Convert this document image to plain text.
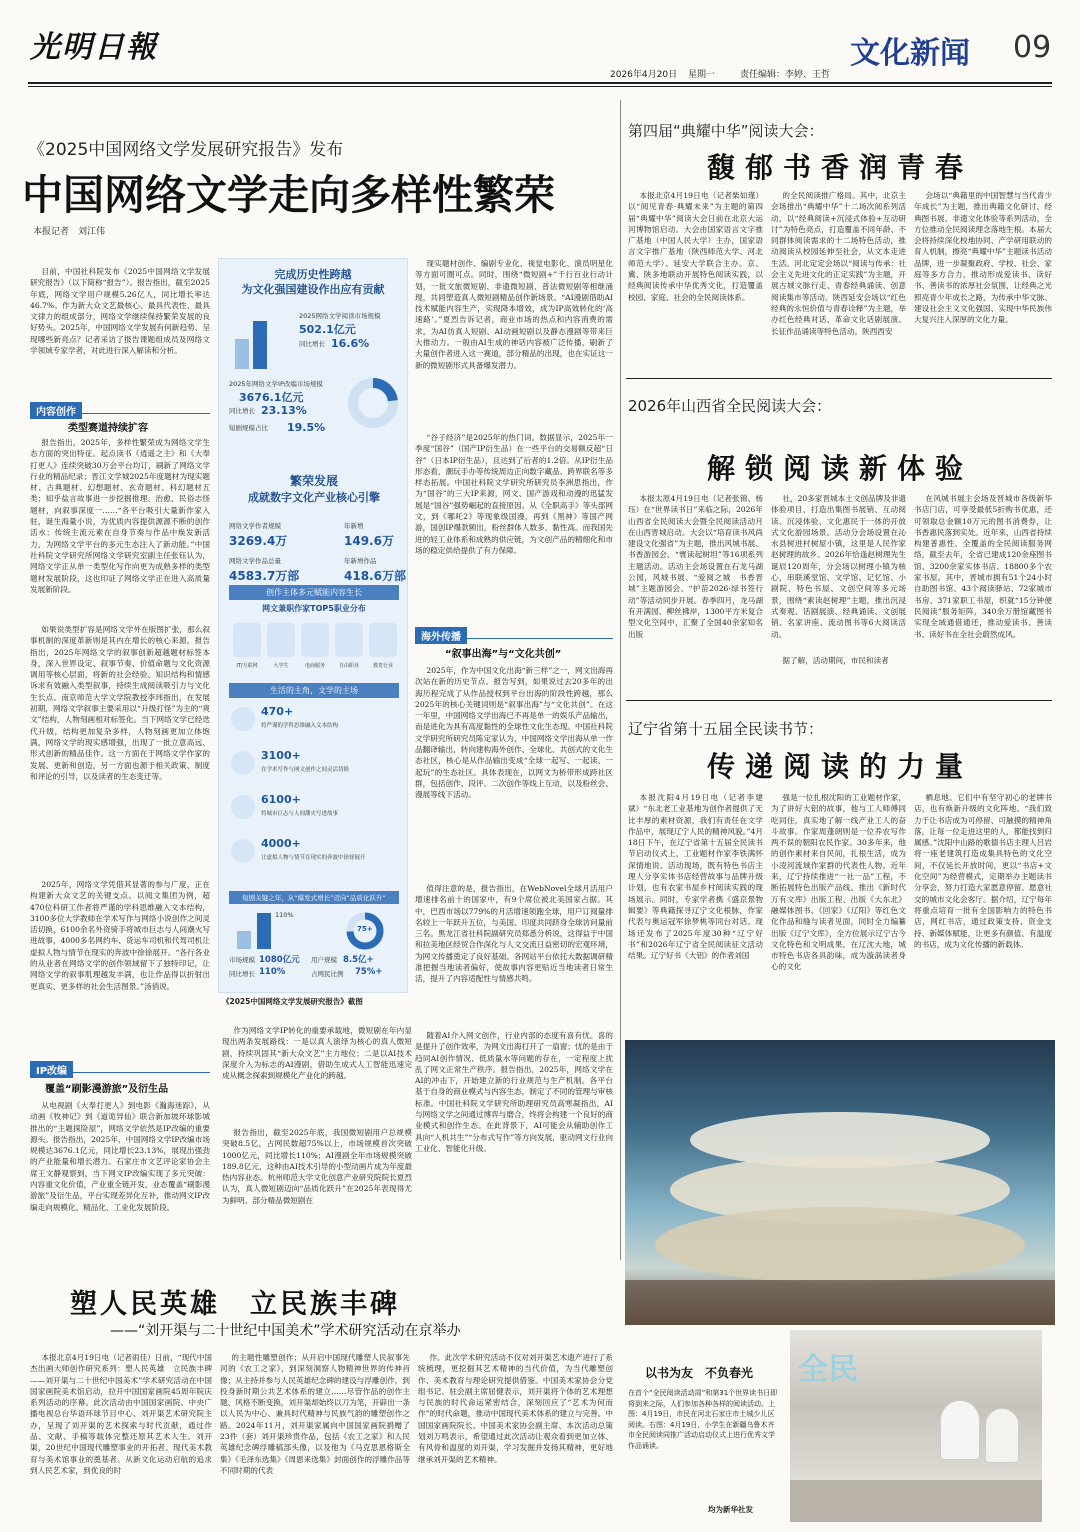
光明日報
2026年4月20日 星期一	责任编辑：李婷、王哲
文化新闻 09
《2025中国网络文学发展研究报告》发布
中国网络文学走向多样性繁荣
本报记者　刘江伟

目前，中国社科院发布《2025中国网络文学发展研究报告》（以下简称“报告”）。报告指出，截至2025年底，网络文学用户规模5.26亿人，同比增长率达46.7%。作为新大众文艺最核心、最具代表性、最具文律力的组成部分，网络文学继续保持繁荣发展的良好势头。2025年，中国网络文学发展有何新趋势、呈现哪些新亮点？记者采访了报告课题组成员及网络文学领域专家学者，对此进行深入解读和分析。

内容创作
类型赛道持续扩容

报告指出，2025年，多样性繁荣成为网络文学生态方面的突出特征。起点读书《逍遥之主》和《大奉打更人》连续突破30万会平台均订，刷新了网络文学行业的精品纪录；晋江文学城2025年度题材为现实题材、古典题材、幻想题材、玄奇题材、科幻题材五类；知乎盐言故事进一步挖掘推理、治愈、民俗志怪题材，向叙事深度一……“各平台吸引大量新作家入驻，诞生海量小说，为优质内容提供源源不断的创作活水；传统主流元素在自身节奏与作品中焕发新活力，为网络文学平台的多元生态注入了新动能。”中国社科院文学研究所网络文学研究室副主任张钰认为，网络文学正从单一类型化写作向更为成熟多样的类型题材发展阶段，这也印证了网络文学正在进入高质量发展新阶段。

如果说类型扩容是网络文学外在版图扩张，那么叙事机制的深度革新则是其内在增长的核心来源。报告指出，2025年网络文学的叙事创新超越题材标签本身，深入世界设定、叙事节奏、价值命题与文化资源调用等核心层面，将新的社会经验、知识结构和情感诉求有效融入类型叙事，持续生成阅读吸引力与文化生长点。南京师范大学文学院教授李玮指出，在发展初期，网络文学叙事主要采用以“升级打怪”为主的“爽文”结构，人物刻画相对标签化。当下网络文学已经迭代升级，结构更加复杂多样，人物刻画更加立体饱满，网络文学的现实感增强，出现了一批立意高远、形式创新的精品佳作。这一方面在于网络文学作家的发展、更新和创造，另一方面也源于相关政策、制度和评论的引导，以及读者的生态变迁等。

2025年，网络文学凭借其显著的参与广度，正在构建新大众文艺的关键支点。以阅文集团为例，超470位科研工作者将严谨的学科思维融入文本结构，3100多位大学教师在学术写作与网络小说创作之间灵活切换，6100余名外资骑手将城市巨志与人间潮火写进故事，4000多名网约车、货运车司机和代驾司机让虚拟人物与情节在现实的奔波中徐徐展开。“各行各业的从业者在网络文学的创作领域留下了独特印记，让网络文学的叙事肌理越发丰满，也让作品得以折射出更真实、更多样的社会生活图景。”汤俏说。

IP改编
覆盖“刷影漫游旅”及衍生品

从电视剧《大奉打更人》到电影《瀚海迷踪》，从动画《牧神记》到《道诡异仙》联合新加坡环球影城推出的“主题探险屋”，网络文学依然是IP改编的重要源头。报告指出，2025年，中国网络文学IP改编市场规模达3676.1亿元，同比增长23.13%，展现出强劲的产业能量和增长潜力。石家庄市文艺评论家协会主席王文静观察到，当下网文IP改编实现了多元突破：内容重文化价值，产业重全链开发，业态覆盖“刷影漫游旅”及衍生品，平台实现差异化互补，推动网文IP改编走向规模化、精品化、工业化发展阶段。

完成历史性跨越
为文化强国建设作出应有贡献
2025网络文学阅读市场规模
502.1亿元
同比增长 16.6%
2025年网络文学IP改编市场规模
3676.1亿元
同比增长 23.13%
短剧规模占比 19.5%
繁荣发展
成就数字文化产业核心引擎
网络文学作者规模
3269.4万
年新增
149.6万
网络文学作品总量
4583.7万部
年新增作品
418.6万部
创作主体多元赋能内容生长
网文兼职作家TOP5职业分布
IT/互联网	大学生	电商服务	自由职业	教育行业
生活的主角，文学的主场
470+
将严谨的学科思维融入文本结构
3100+
在学术写作与网文创作之间灵活切换
6100+
将城市巨志与人间潮火写进故事
4000+
让虚拟人物与情节在现实的奔波中徐徐展开
短剧关键之年，从“爆发式增长”迈向“品质化跃升”
110%
市场规模 1080亿元
同比增长 110%
75+
用户规模 8.5亿+
占网民比例 75%+
《2025中国网络文学发展研究报告》截图

现实题材创作、编剧专业化、视觉电影化、演员明星化等方面可圈可点。同时，围绕“微短剧+”千行百业行动计划，一批文旅微短剧、非遗微短剧、普法微短剧等相继涌现，共同塑造真人微短剧精品创作新场景。“AI漫剧借助AI技术赋能内容生产，实现降本增效，成为IP高效转化的‘高速路’。”夏烈告诉记者，商业市场的热点和内容消费的需求，为AI仿真人短剧、AI动画短剧以及静态漫剧等带来巨大推动力。一般由AI生成的神话内容被广泛传播，刷新了大量创作者进入这一赛道，部分精品的出现，也在实证这一新的微短剧形式具备爆发潜力。

“谷子经济”是2025年的热门词。数据显示，2025年一季度“国谷”（国产IP衍生品）在一些平台的交易额反超“日谷”（日本IP衍生品），且达到了后者的1.2倍。从IP衍生品形态看，潮玩手办等传统周边正向数字藏品、跨界联名等多样态拓展。中国社科院文学研究所研究员李洲思指出，作为“国谷”的三大IP来源，网文、国产游戏和动漫的迅猛发展是“国谷”强势崛起的直接原因。从《全职高手》等头部网文，到《哪吒2》等现象级国漫，再到《黑神》等国产网游，国创IP爆款频出，粉丝群体人数多、黏性高。而我国先进的轻工业体系和成熟的供应链，为文创产品的精细化和市场的稳定供给提供了有力保障。

海外传播
“叙事出海”与“文化共创”

2025年，作为中国文化出海“新三样”之一，网文出海再次站在新的历史节点。报告写到，如果说过去20多年的出海历程完成了从作品授权到平台出海的阶段性跨越，那么2025年的核心关键词则是“叙事出海”与“文化共创”。在这一年里，中国网络文学出海已不再是单一的娱乐产品输出，而是进化为具有高度黏性的全球性文化生态现。中国社科院文学研究所研究员陈定家认为，中国网络文学出海从单一作品翻译输出，转向建构海外创作、全球化、共创式的文化生态社区，核心是从作品输出变成“全球一起写、一起读、一起玩”的生态社区。具体表现在，以网文为桥带形成跨社区群，包括创作、段评、二次创作等线上互动，以及粉丝会、漫展等线下活动。

值得注意的是，报告指出，在WebNovel全球月活用户增速排名前十的国家中，有9个席位被北美国家占据。其中，巴西市场以779%的月活增速领跑全球，用户订阅量排名较上一年跃升五位，与美国、印度共同跻身全球访问量前三名。黑龙江省社科院副研究员郑悉分析说，这得益于中国和拉美地区经贸合作深化与人文交流日益密切的宏观环境，为网文传播奠定了良好基础。各网站平台依托大数据调研精准把握当地读者偏好，使故事内容更贴近当地读者日常生活，提升了内容适配性与情感共鸣。

作为网络文学IP转化的重要承载地，微短剧在年内显现出两条发展路线：一是以真人演绎为核心的真人微短剧，持续巩固其“新大众文艺”主力地位；二是以AI技术深度介入为标志的AI漫剧，借助生成式人工智能迅速完成从概念探索到规模化产业化的跨越。

报告指出，截至2025年底，我国微短剧用户总规模突破8.5亿，占网民数超75%以上，市场规模首次突破1000亿元，同比增长110%；AI漫剧全年市场规模突破189.8亿元，这种由AI技术引导的小型动画片成为年度最热内容业态。杭州师范大学文化创意产业研究院院长夏烈认为，真人微短剧迈向“品质化跃升”在2025年表现得尤为鲜明。部分精品微短剧在

随着AI介入网文创作，行业内部的态度有喜有忧。喜的是提升了创作效率，为网文出海打开了一扇窗；忧的是由于趋同AI创作情况、低质量水等问题的存在，一定程度上扰乱了网文正常生产秩序。报告指出，2025年，网络文学在AI的冲击下，开始建立新的行业规范与生产机制。各平台基于自身的商业模式与内容生态，制定了不同的管理与审核标准。中国社科院文学研究所助理研究员高寒凝指出，AI与网络文学之间通过博弈与磨合，终将会构建一个良好的商业模式和创作生态。在此背景下，AI可能会从辅助创作工具向“人机共生”“分布式写作”等方向发展，驱动网文行业向工业化、智能化升级。

第四届“典耀中华”阅读大会：
馥郁书香润青春

本报北京4月19日电（记者柴如瑾）以“阅见青春·典耀未来”为主题的第四届“典耀中华”阅读大会日前在北京大运河博物馆启动。大会由国家语言文字推广基地（中国人民大学）主办，国家语言文字推广基地（陕西师范大学、河北师范大学）、延安大学联合主办。京、冀、陕多地联动开展特色阅读实践，以经典阅读传承中华优秀文化，打造覆盖校园、家庭、社会的全民阅读体系。

的全民阅读推广格局。其中，北京主会场推出“典耀中华”十二场次阅系列活动，以“经典阅读+沉浸式体验+互动研讨”为特色亮点，打造覆盖不同年龄、不同群体阅读需求的十二场特色活动，推动阅读从校园延伸至社会，从文本走进生活。河北定定会场以“阅读与传承：社会主义先进文化的正定实践”为主题，开展古城文脉行走、青春经典诵读、创意阅读集市等活动。陕西延安会场以“红色经典的永恒价值与青春诠释”为主题，举办红色经典对话、革命文化话剧展演、长征作品诵读等特色活动。陕西西安

会场以“典籍里的中国智慧与当代青少年成长”为主题，推出典籍文化研讨、经典图书展、非遗文化体验等系列活动，全方位推动全民阅读理念落地生根。本届大会将持续深化校地协同、产学研用联动的育人机制，擦亮“典耀中华”主题读书活动品牌，进一步凝聚政府、学校、社会、家庭等多方合力，推动形成爱读书、读好书、善读书的浓厚社会氛围，让经典之光照亮青少年成长之路，为传承中华文脉、建设社会主义文化强国、实现中华民族伟大复兴注入深厚的文化力量。

2026年山西省全民阅读大会：
解锁阅读新体验

本报太原4月19日电（记者张锦、杨珏）在“世界读书日”来临之际，2026年山西省全民阅读大会暨全民阅读活动月在山西晋城启动。大会以“培育读书风尚　建设文化强省”为主题，推出风城书展、书香游园会、“寰读起树坦”等16项系列主题活动。活动主会场设置在石龙马湖公园，风城书展、“爱阅之城　书香晋城”主题游园会、“护苗2026·绿书签行动”等活动同步开展。春季四月，龙马湖有开满园、柳丝拂岸，1300平方米复合型文化空间中，汇聚了全国40余家知名出版

社，20多家晋城本土文创品牌及非遗体验项目，打造出集图书展销、互动阅读、沉浸体验、文化惠民于一体的开放式文化游园场景。活动分会场设置在沁水县树进村树屋小镇，这里是人民作家赵树理的故乡。2026年恰逢赵树理先生诞辰120周年，分会场以树理小镇为核心，串联溪堂馆、文学馆、记忆馆、小剧院、特色书屋、文创空间等多元场景，围绕“素读赵树理”主题，推出沉浸式奏观、话剧展演、经典诵读、文创展销、名家讲座、流动图书等6大阅读活动。

据了解，活动期间，市民和读者

在风城书展主会场及晋城市各级新华书店门店，可享受最低5折购书优惠，还可领取总金额10万元的图书消费券，让书香惠民落到实处。近年来，山西省持续构建普惠性、全覆盖的全民阅读服务网络，截至去年，全省已建成120余座图书馆、3200余家实体书店、18800多个农家书屋。其中，晋城市拥有51个24小时自助图书馆、43个阅读驿站、72家城市书房、371家职工书屋，织就“15分钟便民阅读”服务矩阵，340余万册馆藏图书实现全域通借通还，推动爱读书、善读书、读好书在全社会蔚然成风。

辽宁省第十五届全民读书节：
传递阅读的力量

本报沈阳4月19日电（记者李建斌）“东北老工业基地为创作者提供了无比丰厚的素材资源，我们有责任在文学作品中，展现辽宁人民的精神风貌。”4月18日下午，在辽宁省第十五届全民读书节启动仪式上，工业题材作家李铁满怀深情地说。活动现场，既有特色书店主理人分享实体书店经营故事与品牌升级计划，也有农家书屋乡村阅读实践的现场展示。同时，专家学者携《盛京景物辑要》等典籍探寻辽宁文化根脉，作家代表与奥运冠军徐梦桃等同台对话。现场还发布了2025年度30种“辽宁好书”和2026年辽宁省全民阅读征文活动结果。辽宁好书《大铝》的作者刘国

强是一位扎根沈阳的工业题材作家，为了讲好大铝的故事，他与工人师傅同吃同住，真实地了解一线产业工人的奋斗故事。作家周蓬朗则是一位养农写作两不误的朝阳农民作家。30多年来，他的创作素材来自民间，扎根生活，成为小凌河流域作家群的代表性人物。近年来，辽宁持续推进“一社一品”工程，不断拓展特色出版产品线。推出《新时代万有文库》出版工程、出版《大东北》融媒体图书、《回家》《辽阳》等红色文化作品和缝与读者见面，同时全力编纂出版《辽宁文库》，全方位展示辽宁古今文化特色和文明成果。在辽沈大地，城市特色书店各具韵味，成为漩涡读者身心的文化

栖息地。它们中有坚守初心的老牌书店，也有焕新升级的文化阵地。“我们致力于让书店成为可停留、可触摸的精神角落，让每一位走进这里的人，都能找到归属感。”沈阳中山路的歌德书店主理人吕岩将一座老建筑打造成集具特色的文化空间，不仅延长开放时间，更以“书店+文化空间”为经营模式，定期举办主题读书分享会，努力打造大家愿意停留、愿意社交的城市文化会客厅。据介绍，辽宁每年将重点培育一批有全国影响力的特色书店，网红书店，通过政策支持、资金支持、新媒体赋能，让更多有颜值、有温度的书店，成为文化传播的新载体。

塑人民英雄　立民族丰碑
——“刘开渠与二十世纪中国美术”学术研究活动在京举办

本报北京4月19日电（记者雨佳）日前，“现代中国杰出画大师创作研究系列：塑人民英雄　立民族丰碑——刘开渠与二十世纪中国美术”学术研究活动在中国国家画院美术馆启动，拉开中国国家画院45周年院庆系列活动的序幕。此次活动由中国国家画院、中央广播电视总台华语环球节目中心、刘开渠艺术研究院主办，呈现了刘开渠的艺术探索与时代贡献，通过作品、文献、手稿等载体完整还原其艺术人生。刘开渠，20世纪中国现代雕塑事业的开拓者、现代美术教育与美术馆事业的奠基者。从新文化运动启航的追求到人民艺术家，到优良的时

的主题性雕塑创作；从开启中国现代雕塑人民叙事先河的《农工之家》，到深刻洞察人物精神世界的传神肖像；从主持并参与人民英雄纪念碑的建设与浮雕创作，到投身新时期公共艺术体系的建立……尽管作品的创作主题、风格不断变换，刘开渠却始终以刀为笔，开辟出一条以人民为中心、兼具时代精神与民族气韵的雕塑创作之路。2024年11月，刘开渠家属向中国国家画院捐赠了23件（套）刘开渠珍贵作品，包括《农工之家》和人民英雄纪念碑浮雕稿部头像，以及他为《马克思恩格斯全集》《毛泽东选集》《周恩来选集》封面创作的浮雕作品等不同时期的代表

作。此次学术研究活动不仅对刘开渠艺术遗产进行了系统梳理，更挖掘其艺术精神的当代价值，为当代雕塑创作、美术教育与理论研究提供借鉴。中国美术家协会分党组书记、驻会副主席屈健表示，刘开渠将个体的艺术理想与民族的时代命运紧密结合，深刻回应了“艺术为何而作”的时代命题，推动中国现代美术体系的建立与完善。中国国家画院院长、中国美术家协会副主席、本次活动总策划刘万鸣表示，希望通过此次活动让观众看到更加立体、有风骨和温度的刘开渠，学习发掘并发扬其精神，更好地继承刘开渠的艺术精神。

以书为友　不负春光
在首个“全民阅读活动周”和第31个世界读书日即将到来之际，人们参加各种各样的阅读活动。上图：4月19日，市民在河北石家庄市土城少儿区阅读。右图：4月19日，小学生在新疆乌鲁木齐市全民阅读同推广活动启动仪式上进行优秀文学作品诵读。
均为新华社发
全民
